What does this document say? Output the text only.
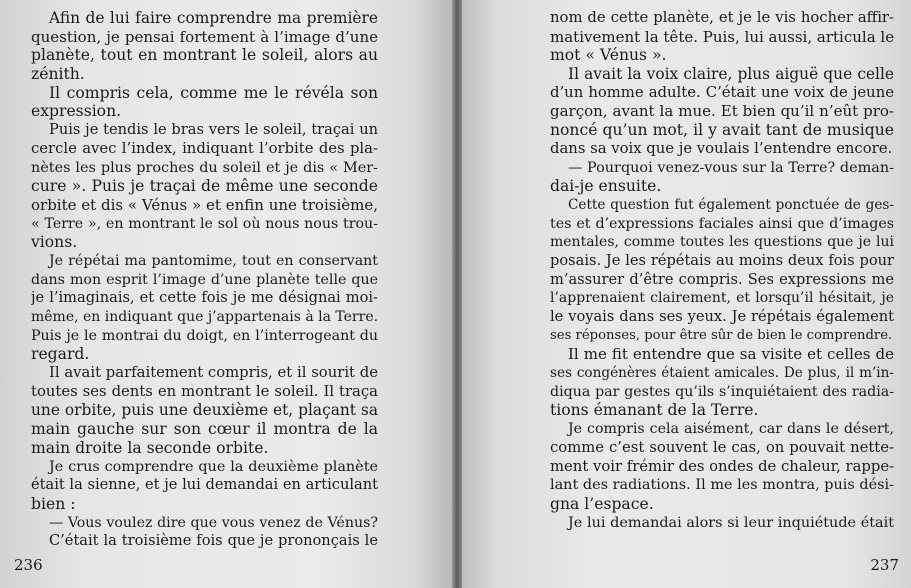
Afin de lui faire comprendre ma première
question, je pensai fortement à l’image d’une
planète, tout en montrant le soleil, alors au
zénith.
Il compris cela, comme me le révéla son
expression.
Puis je tendis le bras vers le soleil, traçai un
cercle avec l’index, indiquant l’orbite des pla-
nètes les plus proches du soleil et je dis « Mer-
cure ». Puis je traçai de même une seconde
orbite et dis « Vénus » et enfin une troisième,
« Terre », en montrant le sol où nous nous trou-
vions.
Je répétai ma pantomime, tout en conservant
dans mon esprit l’image d’une planète telle que
je l’imaginais, et cette fois je me désignai moi-
même, en indiquant que j’appartenais à la Terre.
Puis je le montrai du doigt, en l’interrogeant du
regard.
Il avait parfaitement compris, et il sourit de
toutes ses dents en montrant le soleil. Il traça
une orbite, puis une deuxième et, plaçant sa
main gauche sur son cœur il montra de la
main droite la seconde orbite.
Je crus comprendre que la deuxième planète
était la sienne, et je lui demandai en articulant
bien :
— Vous voulez dire que vous venez de Vénus?
C’était la troisième fois que je prononçais le
236
nom de cette planète, et je le vis hocher affir-
mativement la tête. Puis, lui aussi, articula le
mot « Vénus ».
Il avait la voix claire, plus aiguë que celle
d’un homme adulte. C’était une voix de jeune
garçon, avant la mue. Et bien qu’il n’eût pro-
noncé qu’un mot, il y avait tant de musique
dans sa voix que je voulais l’entendre encore.
— Pourquoi venez-vous sur la Terre? deman-
dai-je ensuite.
Cette question fut également ponctuée de ges-
tes et d’expressions faciales ainsi que d’images
mentales, comme toutes les questions que je lui
posais. Je les répétais au moins deux fois pour
m’assurer d’être compris. Ses expressions me
l’apprenaient clairement, et lorsqu’il hésitait, je
le voyais dans ses yeux. Je répétais également
ses réponses, pour être sûr de bien le comprendre.
Il me fit entendre que sa visite et celles de
ses congénères étaient amicales. De plus, il m’in-
diqua par gestes qu’ils s’inquiétaient des radia-
tions émanant de la Terre.
Je compris cela aisément, car dans le désert,
comme c’est souvent le cas, on pouvait nette-
ment voir frémir des ondes de chaleur, rappe-
lant des radiations. Il me les montra, puis dési-
gna l’espace.
Je lui demandai alors si leur inquiétude était
237
